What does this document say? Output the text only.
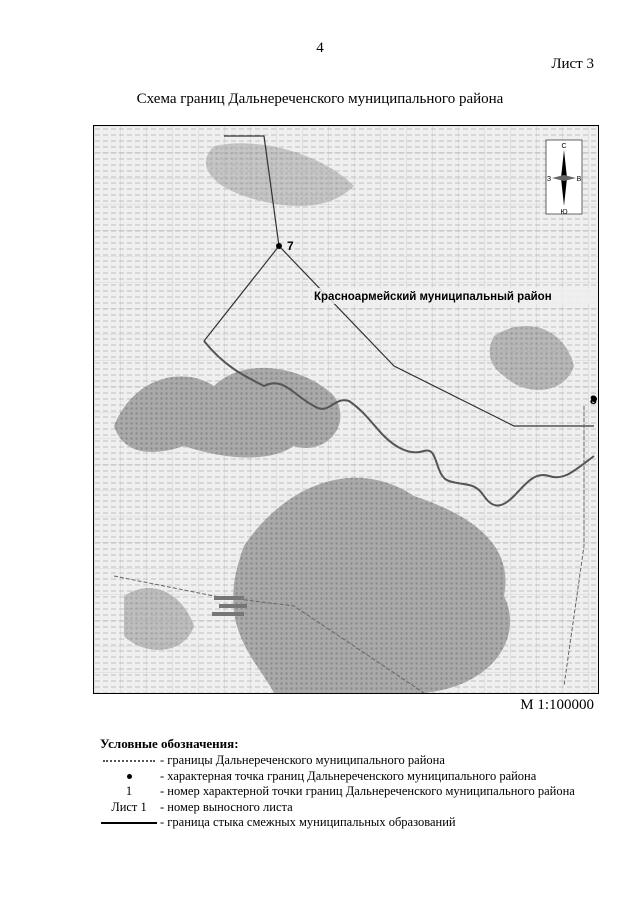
4
Лист 3
Схема границ Дальнереченского муниципального района
С
Ю
З	В
7
8
Красноармейский муниципальный район
М 1:100000
Условные обозначения:
- границы Дальнереченского муниципального района
- характерная точка границ Дальнереченского муниципального района
1	- номер характерной точки границ Дальнереченского муниципального района
Лист 1	- номер выносного листа
- граница стыка смежных муниципальных образований
